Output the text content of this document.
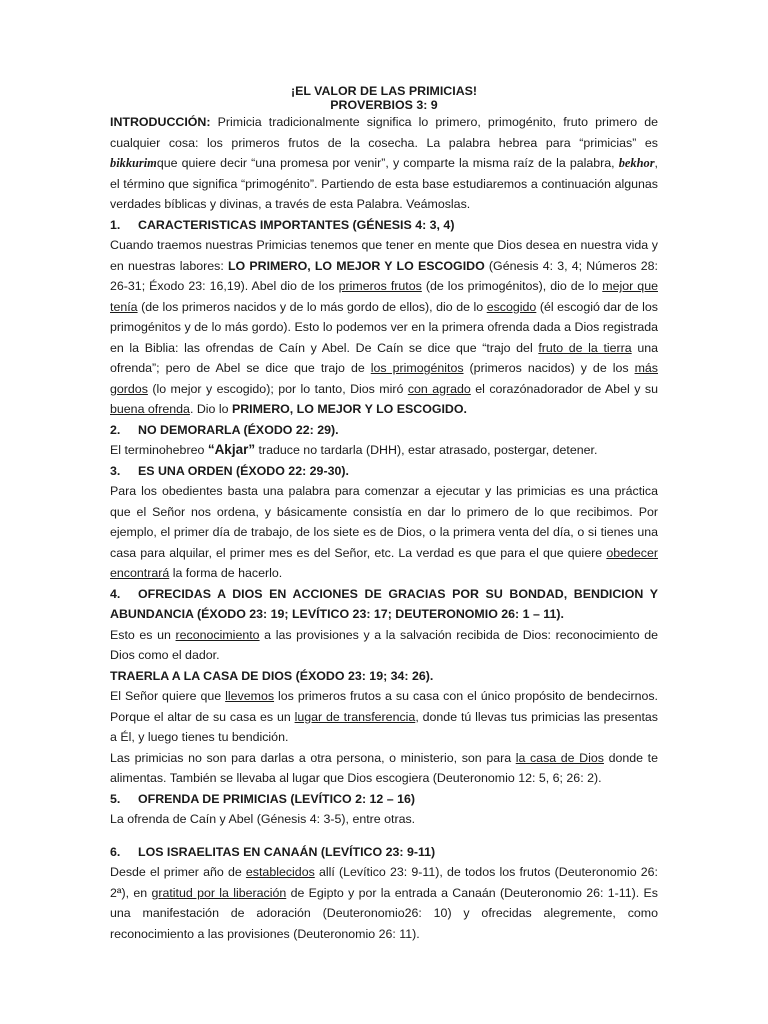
¡EL VALOR DE LAS PRIMICIAS!
PROVERBIOS 3: 9

INTRODUCCIÓN: Primicia tradicionalmente significa lo primero, primogénito, fruto primero de cualquier cosa: los primeros frutos de la cosecha. La palabra hebrea para “primicias” es bikkurimque quiere decir “una promesa por venir”, y comparte la misma raíz de la palabra, bekhor, el término que significa “primogénito”. Partiendo de esta base estudiaremos a continuación algunas verdades bíblicas y divinas, a través de esta Palabra. Veámoslas.

1. CARACTERISTICAS IMPORTANTES (GÉNESIS 4: 3, 4)

Cuando traemos nuestras Primicias tenemos que tener en mente que Dios desea en nuestra vida y en nuestras labores: LO PRIMERO, LO MEJOR Y LO ESCOGIDO (Génesis 4: 3, 4; Números 28: 26-31; Éxodo 23: 16,19). Abel dio de los primeros frutos (de los primogénitos), dio de lo mejor que tenía (de los primeros nacidos y de lo más gordo de ellos), dio de lo escogido (él escogió dar de los primogénitos y de lo más gordo). Esto lo podemos ver en la primera ofrenda dada a Dios registrada en la Biblia: las ofrendas de Caín y Abel. De Caín se dice que “trajo del fruto de la tierra una ofrenda”; pero de Abel se dice que trajo de los primogénitos (primeros nacidos) y de los más gordos (lo mejor y escogido); por lo tanto, Dios miró con agrado el corazónadorador de Abel y su buena ofrenda. Dio lo PRIMERO, LO MEJOR Y LO ESCOGIDO.

2. NO DEMORARLA (ÉXODO 22: 29).

El terminohebreo “Akjar” traduce no tardarla (DHH), estar atrasado, postergar, detener.

3. ES UNA ORDEN (ÉXODO 22: 29-30).

Para los obedientes basta una palabra para comenzar a ejecutar y las primicias es una práctica que el Señor nos ordena, y básicamente consistía en dar lo primero de lo que recibimos. Por ejemplo, el primer día de trabajo, de los siete es de Dios, o la primera venta del día, o si tienes una casa para alquilar, el primer mes es del Señor, etc. La verdad es que para el que quiere obedecer encontrará la forma de hacerlo.

4. OFRECIDAS A DIOS EN ACCIONES DE GRACIAS POR SU BONDAD, BENDICION Y ABUNDANCIA (ÉXODO 23: 19; LEVÍTICO 23: 17; DEUTERONOMIO 26: 1 – 11).

Esto es un reconocimiento a las provisiones y a la salvación recibida de Dios: reconocimiento de Dios como el dador.

TRAERLA A LA CASA DE DIOS (ÉXODO 23: 19; 34: 26).

El Señor quiere que llevemos los primeros frutos a su casa con el único propósito de bendecirnos. Porque el altar de su casa es un lugar de transferencia, donde tú llevas tus primicias las presentas a Él, y luego tienes tu bendición.

Las primicias no son para darlas a otra persona, o ministerio, son para la casa de Dios donde te alimentas. También se llevaba al lugar que Dios escogiera (Deuteronomio 12: 5, 6; 26: 2).

5. OFRENDA DE PRIMICIAS (LEVÍTICO 2: 12 – 16)

La ofrenda de Caín y Abel (Génesis 4: 3-5), entre otras.

6. LOS ISRAELITAS EN CANAÁN (LEVÍTICO 23: 9-11)

Desde el primer año de establecidos allí (Levítico 23: 9-11), de todos los frutos (Deuteronomio 26: 2ª), en gratitud por la liberación de Egipto y por la entrada a Canaán (Deuteronomio 26: 1-11). Es una manifestación de adoración (Deuteronomio26: 10) y ofrecidas alegremente, como reconocimiento a las provisiones (Deuteronomio 26: 11).
